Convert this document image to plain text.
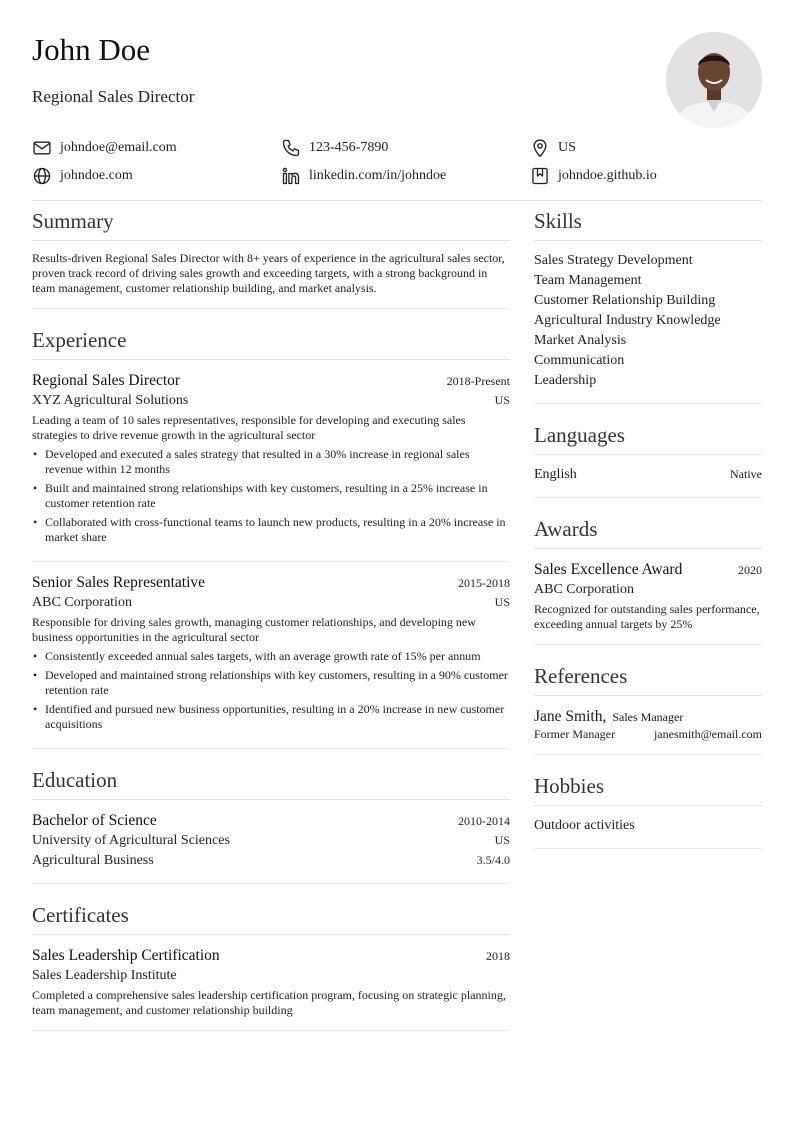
John Doe
Regional Sales Director
johndoe@email.com	123-456-7890	US
johndoe.com	linkedin.com/in/johndoe	johndoe.github.io
Summary
Results-driven Regional Sales Director with 8+ years of experience in the agricultural sales sector, proven track record of driving sales growth and exceeding targets, with a strong background in team management, customer relationship building, and market analysis.
Experience
Regional Sales Director	2018-Present
XYZ Agricultural Solutions	US
Leading a team of 10 sales representatives, responsible for developing and executing sales strategies to drive revenue growth in the agricultural sector
• Developed and executed a sales strategy that resulted in a 30% increase in regional sales revenue within 12 months
• Built and maintained strong relationships with key customers, resulting in a 25% increase in customer retention rate
• Collaborated with cross-functional teams to launch new products, resulting in a 20% increase in market share
Senior Sales Representative	2015-2018
ABC Corporation	US
Responsible for driving sales growth, managing customer relationships, and developing new business opportunities in the agricultural sector
• Consistently exceeded annual sales targets, with an average growth rate of 15% per annum
• Developed and maintained strong relationships with key customers, resulting in a 90% customer retention rate
• Identified and pursued new business opportunities, resulting in a 20% increase in new customer acquisitions
Education
Bachelor of Science	2010-2014
University of Agricultural Sciences	US
Agricultural Business	3.5/4.0
Certificates
Sales Leadership Certification	2018
Sales Leadership Institute
Completed a comprehensive sales leadership certification program, focusing on strategic planning, team management, and customer relationship building
Skills
Sales Strategy Development
Team Management
Customer Relationship Building
Agricultural Industry Knowledge
Market Analysis
Communication
Leadership
Languages
English	Native
Awards
Sales Excellence Award	2020
ABC Corporation
Recognized for outstanding sales performance, exceeding annual targets by 25%
References
Jane Smith, Sales Manager
Former Manager	janesmith@email.com
Hobbies
Outdoor activities
